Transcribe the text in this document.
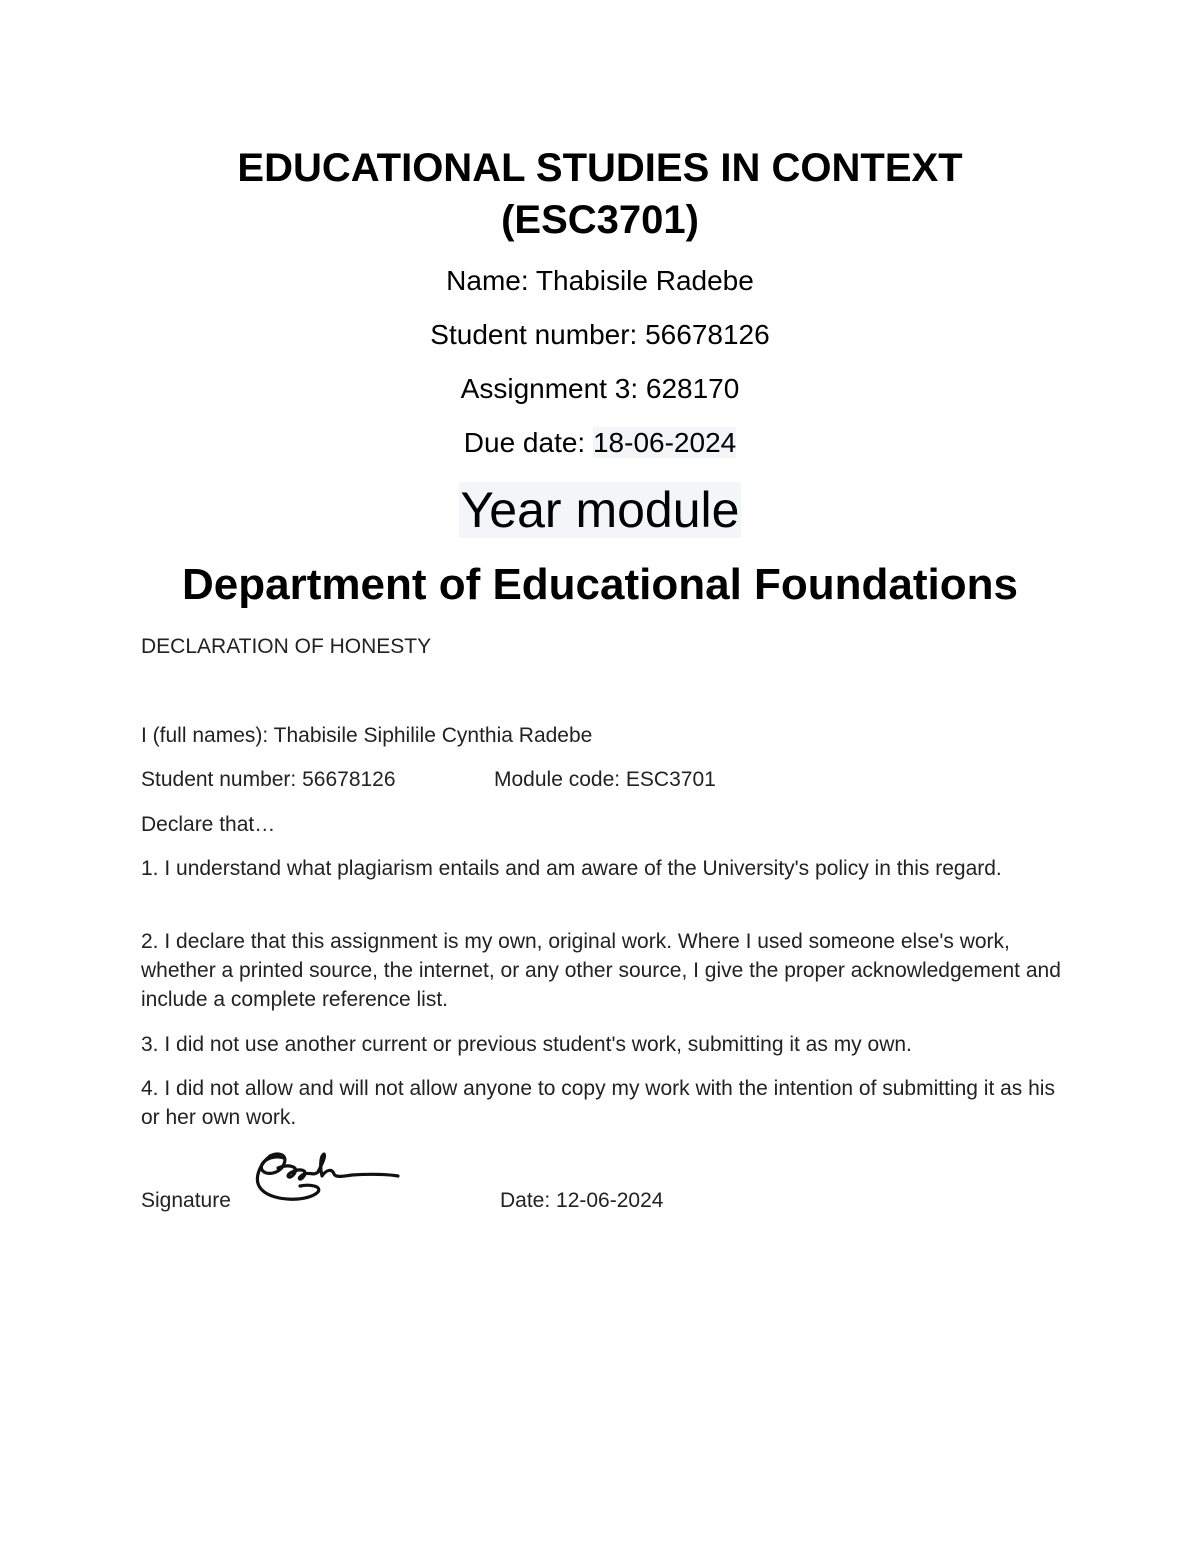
EDUCATIONAL STUDIES IN CONTEXT
(ESC3701)

Name: Thabisile Radebe

Student number: 56678126

Assignment 3: 628170

Due date: 18-06-2024

Year module

Department of Educational Foundations

DECLARATION OF HONESTY

I (full names): Thabisile Siphilile Cynthia Radebe

Student number: 56678126	Module code: ESC3701

Declare that…

1. I understand what plagiarism entails and am aware of the University's policy in this regard.

2. I declare that this assignment is my own, original work. Where I used someone else's work, whether a printed source, the internet, or any other source, I give the proper acknowledgement and include a complete reference list.

3. I did not use another current or previous student's work, submitting it as my own.

4. I did not allow and will not allow anyone to copy my work with the intention of submitting it as his or her own work.

Signature	Date: 12-06-2024
